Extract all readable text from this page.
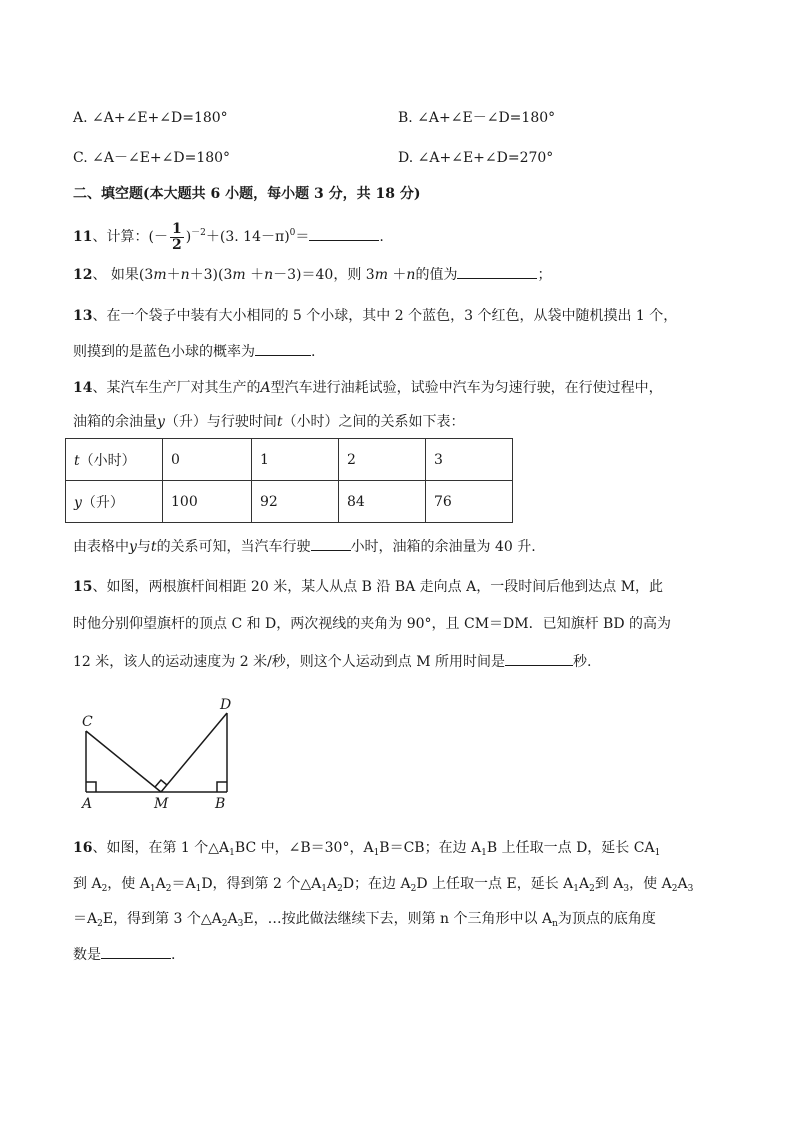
A. ∠A+∠E+∠D=180°	B. ∠A+∠E－∠D=180°
C. ∠A－∠E+∠D=180°	D. ∠A+∠E+∠D=270°
二、填空题(本大题共 6 小题，每小题 3 分，共 18 分)
11、计算：(－ $\frac{1}{2} )^{-2}+(3$. 14－π)$^0$＝	.
12、 如果(3m＋n＋3)(3m ＋n－3)＝40，则 3m ＋n的值为	；
13、在一个袋子中装有大小相同的 5 个小球，其中 2 个蓝色，3 个红色，从袋中随机摸出 1 个，
则摸到的是蓝色小球的概率为	.
14、某汽车生产厂对其生产的A型汽车进行油耗试验，试验中汽车为匀速行驶，在行使过程中，
油箱的余油量y（升）与行驶时间t（小时）之间的关系如下表：
t（小时）	0	1	2	3
y（升）	100	92	84	76
由表格中y与t的关系可知，当汽车行驶	小时，油箱的余油量为 40 升.
15、如图，两根旗杆间相距 20 米，某人从点 B 沿 BA 走向点 A，一段时间后他到达点 M，此
时他分别仰望旗杆的顶点 C 和 D，两次视线的夹角为 90°，且 CM＝DM．已知旗杆 BD 的高为
12 米，该人的运动速度为 2 米/秒，则这个人运动到点 M 所用时间是	秒.
C
D
A	M	B
16、如图，在第 1 个$\triangle A_1BC$ 中，∠B＝30°，$A_1B=CB$；在边 $A_1B$ 上任取一点 D，延长 $CA_1$
到 $A_2$，使 $A_1A_2=A_1D$，得到第 2 个$\triangle A_1A_2D$；在边 $A_2D$ 上任取一点 E，延长 $A_1A_2$到 $A_3$，使 $A_2A_3$
$=A_2E$，得到第 3 个$\triangle A_2A_3E$，…按此做法继续下去，则第 n 个三角形中以 $A_n$为顶点的底角度
数是	.
